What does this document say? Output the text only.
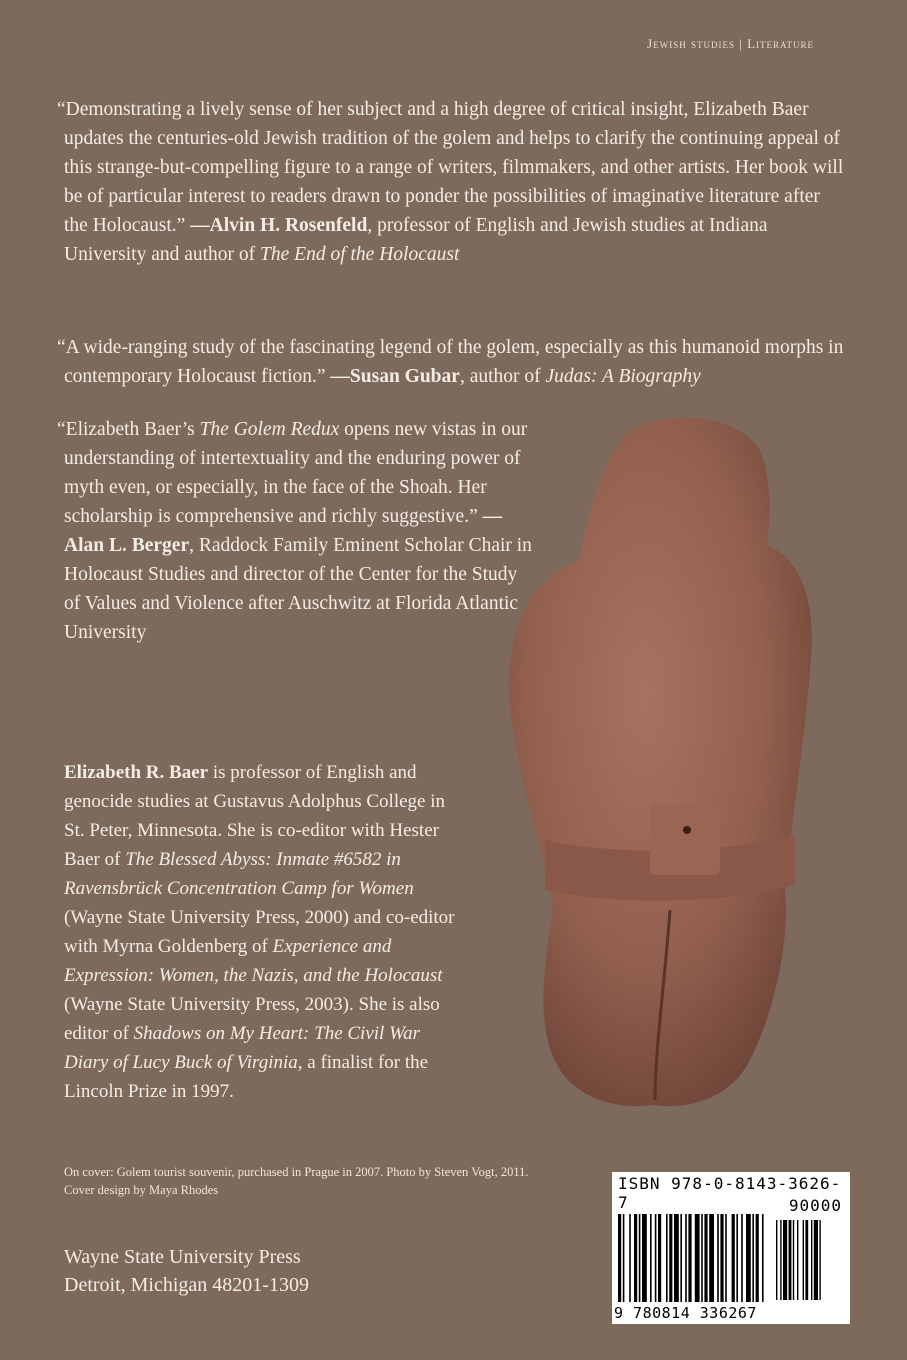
Jewish studies | Literature
“Demonstrating a lively sense of her subject and a high degree of critical insight, Elizabeth Baer updates the centuries-old Jewish tradition of the golem and helps to clarify the continuing appeal of this strange-but-compelling figure to a range of writers, filmmakers, and other artists. Her book will be of particular interest to readers drawn to ponder the possibilities of imaginative literature after the Holocaust.” —Alvin H. Rosenfeld, professor of English and Jewish studies at Indiana University and author of The End of the Holocaust
“A wide-ranging study of the fascinating legend of the golem, especially as this humanoid morphs in contemporary Holocaust fiction.” —Susan Gubar, author of Judas: A Biography
“Elizabeth Baer’s The Golem Redux opens new vistas in our understanding of intertextuality and the enduring power of myth even, or especially, in the face of the Shoah. Her scholarship is comprehensive and richly suggestive.” —Alan L. Berger, Raddock Family Eminent Scholar Chair in Holocaust Studies and director of the Center for the Study of Values and Violence after Auschwitz at Florida Atlantic University
Elizabeth R. Baer is professor of English and genocide studies at Gustavus Adolphus College in St. Peter, Minnesota. She is co-editor with Hester Baer of The Blessed Abyss: Inmate #6582 in Ravensbrück Concentration Camp for Women (Wayne State University Press, 2000) and co-editor with Myrna Goldenberg of Experience and Expression: Women, the Nazis, and the Holocaust (Wayne State University Press, 2003). She is also editor of Shadows on My Heart: The Civil War Diary of Lucy Buck of Virginia, a finalist for the Lincoln Prize in 1997.
On cover: Golem tourist souvenir, purchased in Prague in 2007. Photo by Steven Vogt, 2011.
Cover design by Maya Rhodes
Wayne State University Press
Detroit, Michigan 48201-1309
ISBN 978-0-8143-3626-7	90000
9 780814 336267
